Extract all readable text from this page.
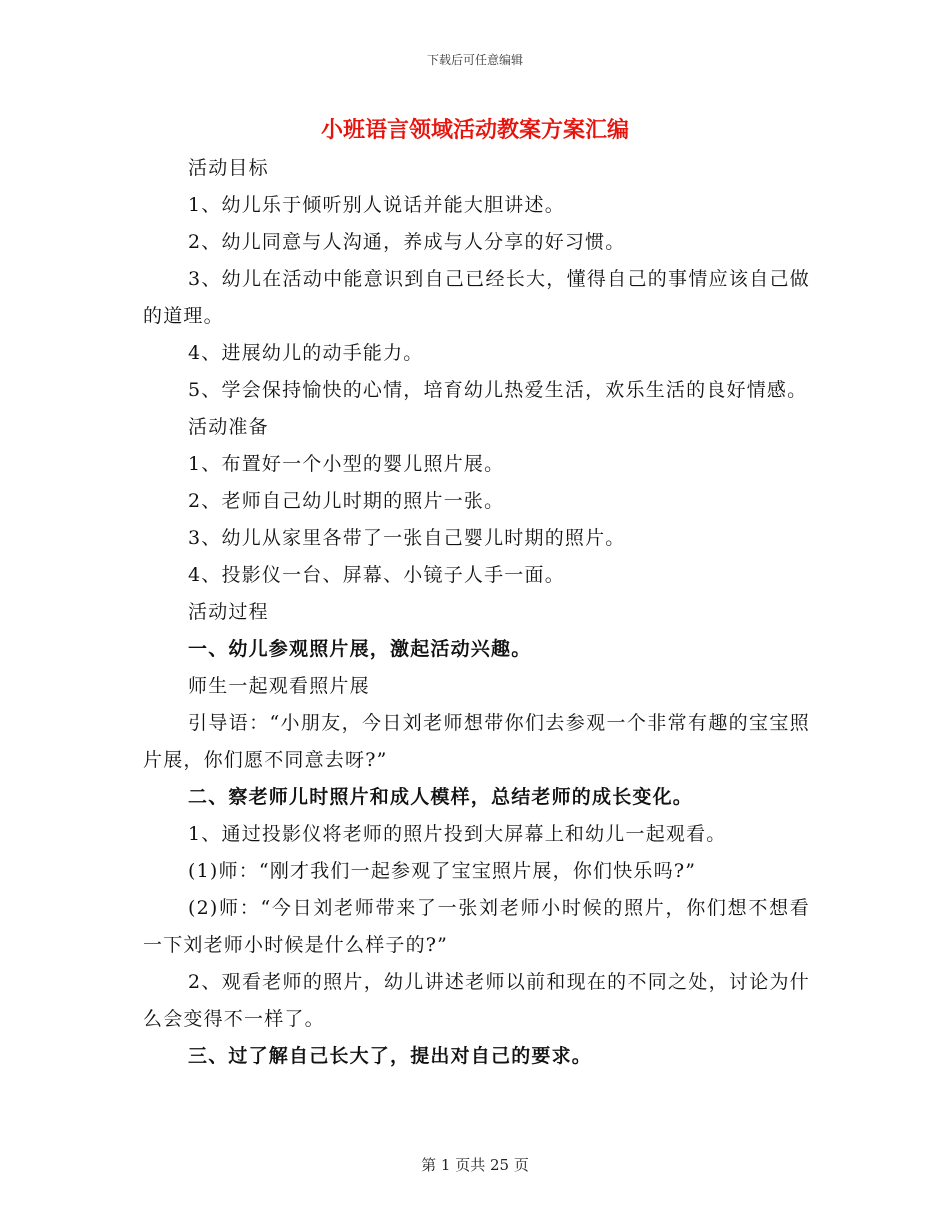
下载后可任意编辑
小班语言领域活动教案方案汇编

活动目标

1、幼儿乐于倾听别人说话并能大胆讲述。

2、幼儿同意与人沟通，养成与人分享的好习惯。

3、幼儿在活动中能意识到自己已经长大，懂得自己的事情应该自己做的道理。

4、进展幼儿的动手能力。

5、学会保持愉快的心情，培育幼儿热爱生活，欢乐生活的良好情感。

活动准备

1、布置好一个小型的婴儿照片展。

2、老师自己幼儿时期的照片一张。

3、幼儿从家里各带了一张自己婴儿时期的照片。

4、投影仪一台、屏幕、小镜子人手一面。

活动过程

一、幼儿参观照片展，激起活动兴趣。

师生一起观看照片展

引导语：“小朋友，今日刘老师想带你们去参观一个非常有趣的宝宝照片展，你们愿不同意去呀?”

二、察老师儿时照片和成人模样，总结老师的成长变化。

1、通过投影仪将老师的照片投到大屏幕上和幼儿一起观看。

(1)师：“刚才我们一起参观了宝宝照片展，你们快乐吗?”

(2)师：“今日刘老师带来了一张刘老师小时候的照片，你们想不想看一下刘老师小时候是什么样子的?”

2、观看老师的照片，幼儿讲述老师以前和现在的不同之处，讨论为什么会变得不一样了。

三、过了解自己长大了，提出对自己的要求。

第 1 页共 25 页
